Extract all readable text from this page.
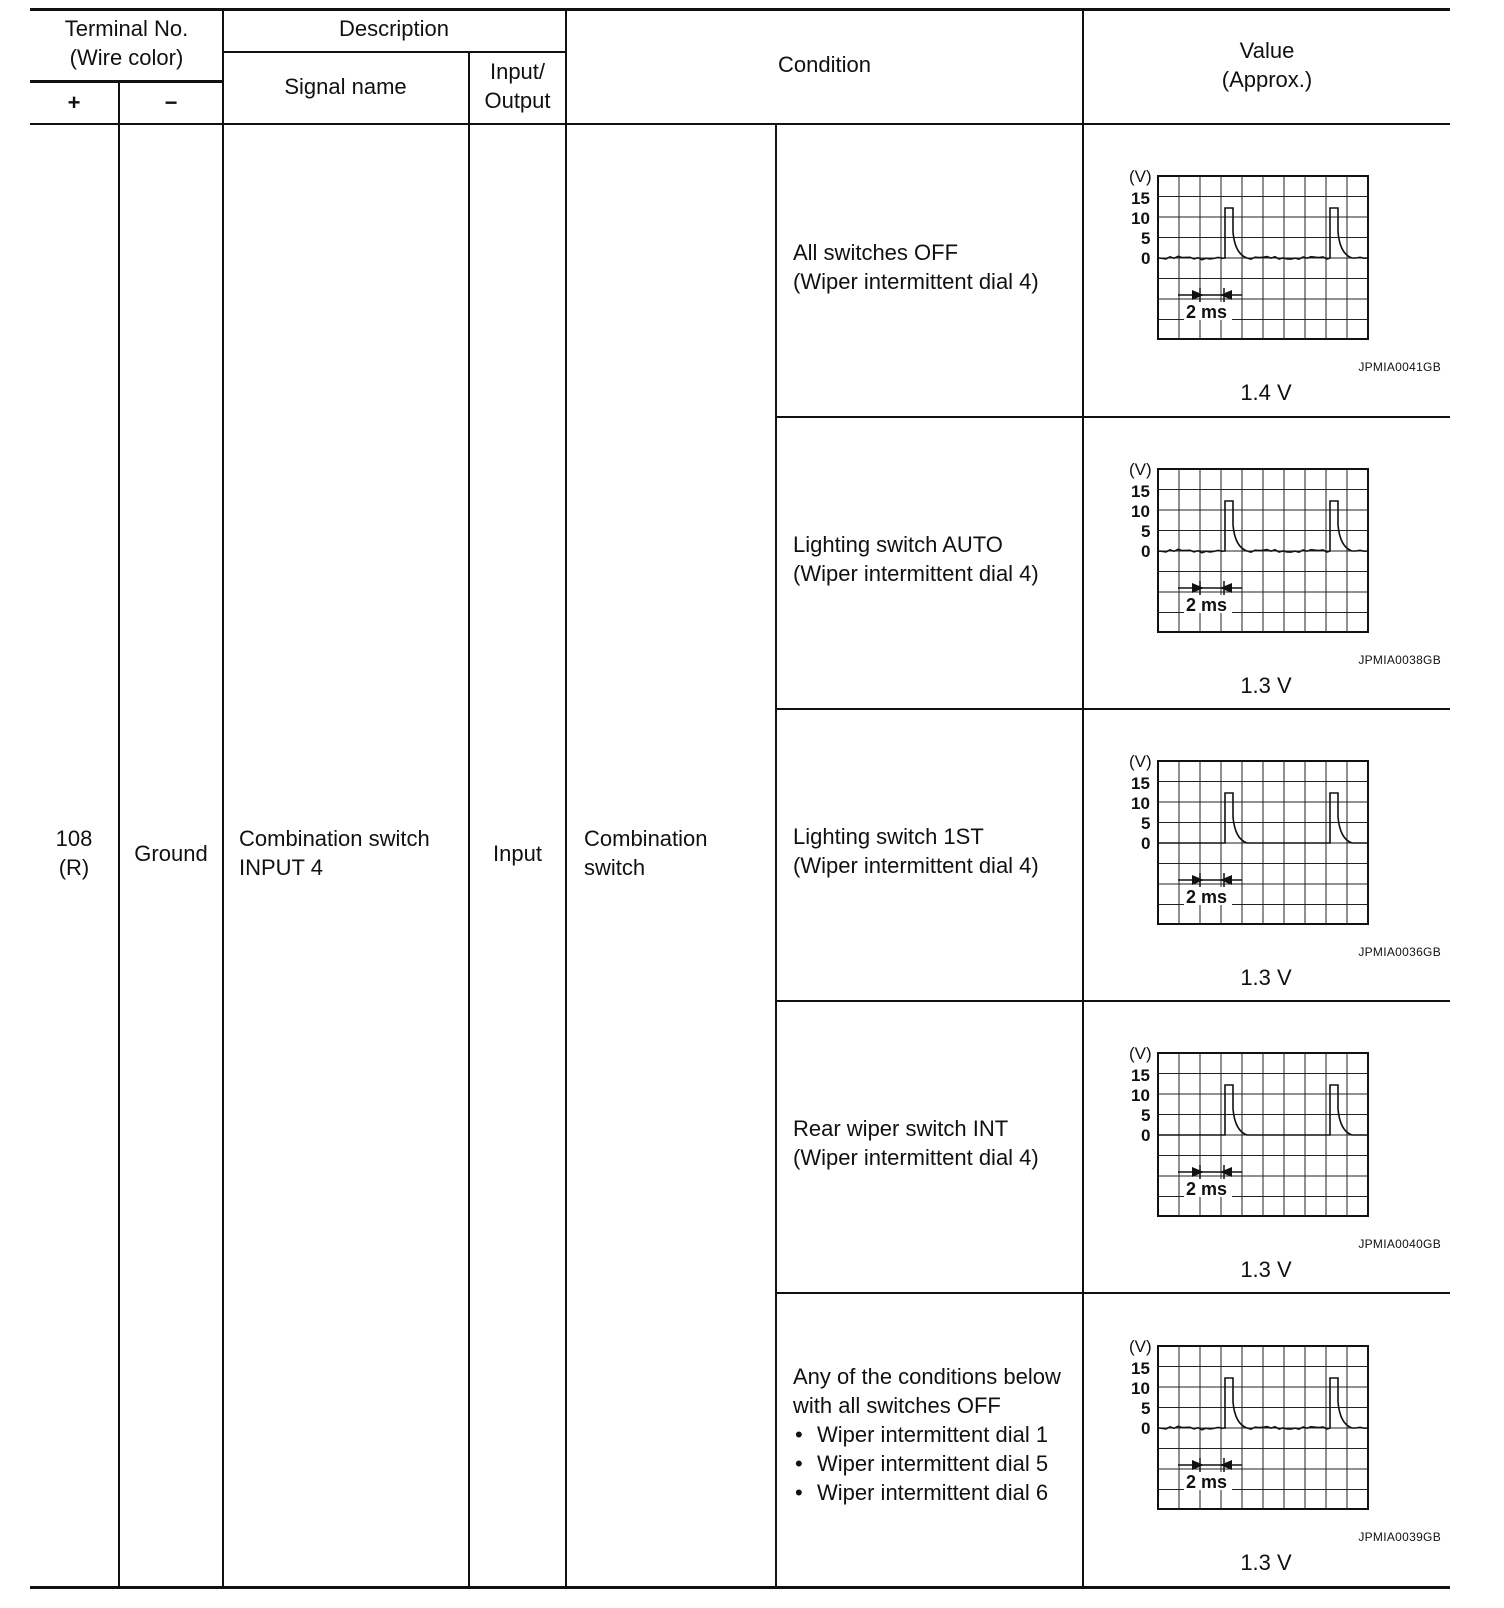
Terminal No.
(Wire color)
+	−
Description
Signal name
Input/
Output
Condition
Value
(Approx.)
108
(R)
Ground
Combination switch
INPUT 4
Input
Combination
switch
All switches OFF
(Wiper intermittent dial 4)
(V)
15
10
5
0
2 ms
JPMIA0041GB
1.4 V
Lighting switch AUTO
(Wiper intermittent dial 4)
(V)
15
10
5
0
2 ms
JPMIA0038GB
1.3 V
Lighting switch 1ST
(Wiper intermittent dial 4)
(V)
15
10
5
0
2 ms
JPMIA0036GB
1.3 V
Rear wiper switch INT
(Wiper intermittent dial 4)
(V)
15
10
5
0
2 ms
JPMIA0040GB
1.3 V
Any of the conditions below
with all switches OFF
• Wiper intermittent dial 1
• Wiper intermittent dial 5
• Wiper intermittent dial 6
(V)
15
10
5
0
2 ms
JPMIA0039GB
1.3 V
